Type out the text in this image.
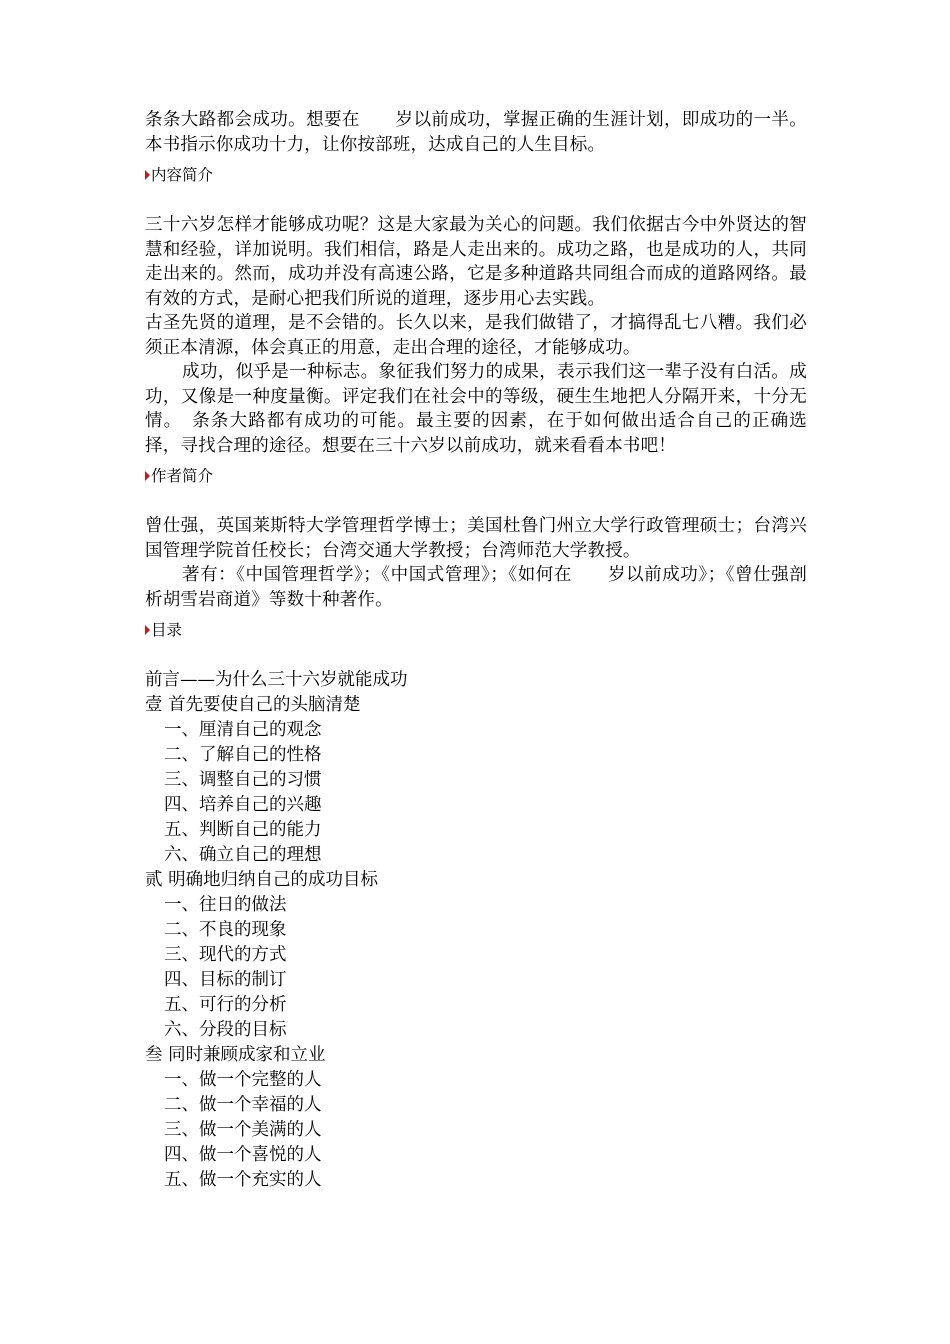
条条大路都会成功。想要在　　岁以前成功，掌握正确的生涯计划，即成功的一半。本书指示你成功十力，让你按部班，达成自己的人生目标。

内容简介

三十六岁怎样才能够成功呢？这是大家最为关心的问题。我们依据古今中外贤达的智慧和经验，详加说明。我们相信，路是人走出来的。成功之路，也是成功的人，共同走出来的。然而，成功并没有高速公路，它是多种道路共同组合而成的道路网络。最有效的方式，是耐心把我们所说的道理，逐步用心去实践。

古圣先贤的道理，是不会错的。长久以来，是我们做错了，才搞得乱七八糟。我们必须正本清源，体会真正的用意，走出合理的途径，才能够成功。

成功，似乎是一种标志。象征我们努力的成果，表示我们这一辈子没有白活。成功，又像是一种度量衡。评定我们在社会中的等级，硬生生地把人分隔开来，十分无情。　条条大路都有成功的可能。最主要的因素，在于如何做出适合自己的正确选择，寻找合理的途径。想要在三十六岁以前成功，就来看看本书吧！

作者简介

曾仕强，英国莱斯特大学管理哲学博士；美国杜鲁门州立大学行政管理硕士；台湾兴国管理学院首任校长；台湾交通大学教授；台湾师范大学教授。

著有：《中国管理哲学》；《中国式管理》；《如何在　　岁以前成功》；《曾仕强剖析胡雪岩商道》等数十种著作。

目录
前言——为什么三十六岁就能成功
壹 首先要使自己的头脑清楚
一、厘清自己的观念
二、了解自己的性格
三、调整自己的习惯
四、培养自己的兴趣
五、判断自己的能力
六、确立自己的理想
贰 明确地归纳自己的成功目标
一、往日的做法
二、不良的现象
三、现代的方式
四、目标的制订
五、可行的分析
六、分段的目标
叁 同时兼顾成家和立业
一、做一个完整的人
二、做一个幸福的人
三、做一个美满的人
四、做一个喜悦的人
五、做一个充实的人
